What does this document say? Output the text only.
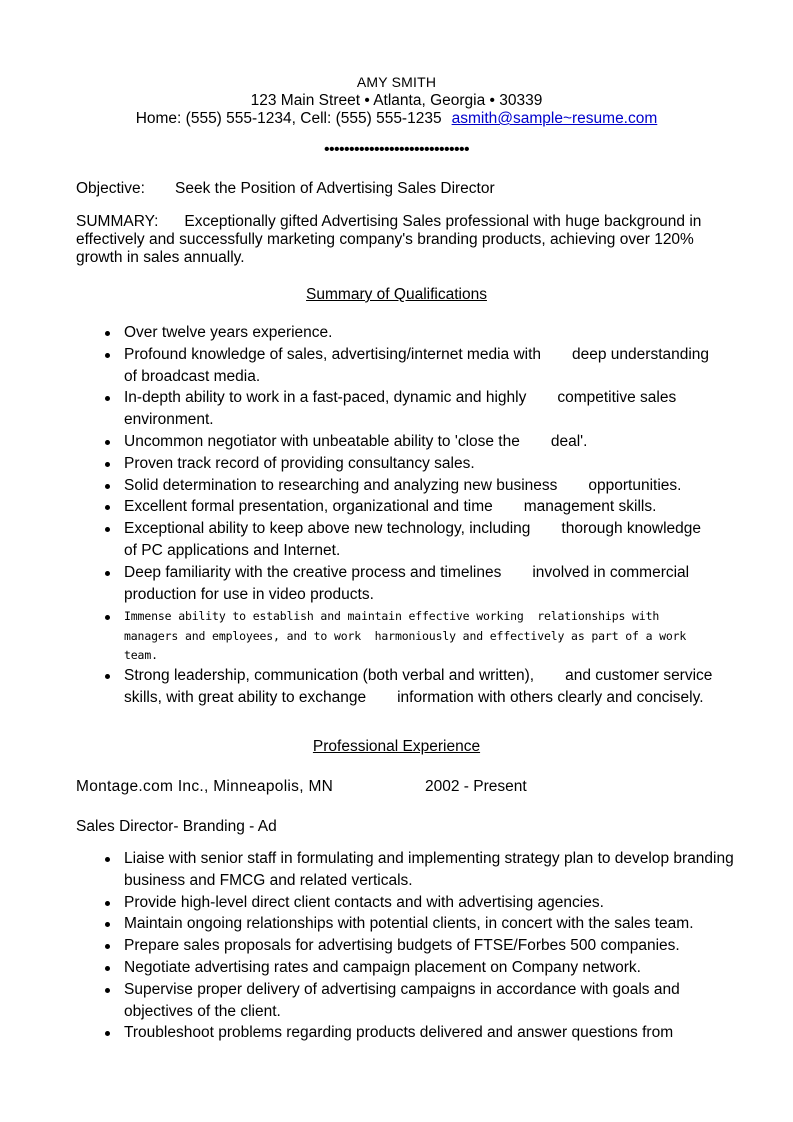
AMY SMITH
123 Main Street • Atlanta, Georgia • 30339
Home: (555) 555-1234, Cell: (555) 555-1235 asmith@sample~resume.com
•••••••••••••••••••••••••••••
Objective: Seek the Position of Advertising Sales Director
SUMMARY: Exceptionally gifted Advertising Sales professional with huge background in effectively and successfully marketing company's branding products, achieving over 120% growth in sales annually.
Summary of Qualifications
Over twelve years experience.
Profound knowledge of sales, advertising/internet media with  deep understanding of broadcast media.
In-depth ability to work in a fast-paced, dynamic and highly  competitive sales environment.
Uncommon negotiator with unbeatable ability to 'close the  deal'.
Proven track record of providing consultancy sales.
Solid determination to researching and analyzing new business  opportunities.
Excellent formal presentation, organizational and time  management skills.
Exceptional ability to keep above new technology, including  thorough knowledge of PC applications and Internet.
Deep familiarity with the creative process and timelines  involved in commercial production for use in video products.
Immense ability to establish and maintain effective working  relationships with managers and employees, and to work  harmoniously and effectively as part of a work team.
Strong leadership, communication (both verbal and written),  and customer service skills, with great ability to exchange  information with others clearly and concisely.
Professional Experience
Montage.com Inc., Minneapolis, MN	2002 - Present
Sales Director- Branding - Ad
Liaise with senior staff in formulating and implementing strategy plan to develop branding business and FMCG and related verticals.
Provide high-level direct client contacts and with advertising agencies.
Maintain ongoing relationships with potential clients, in concert with the sales team.
Prepare sales proposals for advertising budgets of FTSE/Forbes 500 companies.
Negotiate advertising rates and campaign placement on Company network.
Supervise proper delivery of advertising campaigns in accordance with goals and objectives of the client.
Troubleshoot problems regarding products delivered and answer questions from
